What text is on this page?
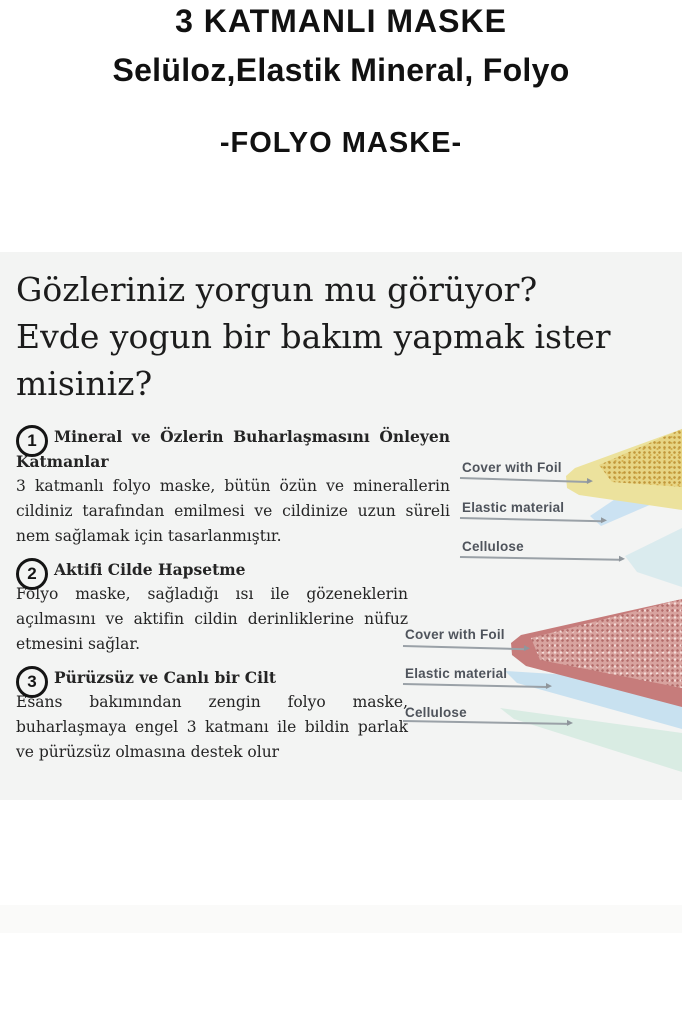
3 KATMANLI MASKE
Selüloz,Elastik Mineral, Folyo
-FOLYO MASKE-
Gözleriniz yorgun mu görüyor?
Evde yogun bir bakım yapmak ister
misiniz?
1	Mineral ve Özlerin Buharlaşmasını Önleyen Katmanlar

3 katmanlı folyo maske, bütün özün ve minerallerin cildiniz tarafından emilmesi ve cildinize uzun süreli nem sağlamak için tasarlanmıştır.

2	Aktifi Cilde Hapsetme

Folyo maske, sağladığı ısı ile gözeneklerin açılmasını ve aktifin cildin derinliklerine nüfuz etmesini sağlar.

3	Pürüzsüz ve Canlı bir Cilt

Esans bakımından zengin folyo maske, buharlaşmaya engel 3 katmanı ile bildin parlak ve pürüzsüz olmasına destek olur

Cover with Foil
Elastic material
Cellulose
Cover with Foil
Elastic material
Cellulose
